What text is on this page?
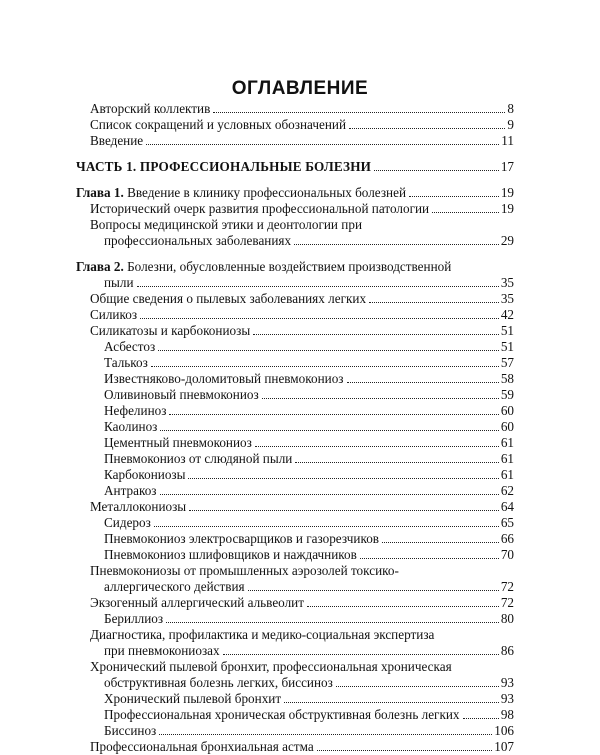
ОГЛАВЛЕНИЕ
Авторский коллектив	8
Список сокращений и условных обозначений	9
Введение	11
ЧАСТЬ 1. ПРОФЕССИОНАЛЬНЫЕ БОЛЕЗНИ	17
Глава 1. Введение в клинику профессиональных болезней	19
Исторический очерк развития профессиональной патологии	19
Вопросы медицинской этики и деонтологии при
профессиональных заболеваниях	29
Глава 2. Болезни, обусловленные воздействием производственной
пыли	35
Общие сведения о пылевых заболеваниях легких	35
Силикоз	42
Силикатозы и карбокониозы	51
Асбестоз	51
Талькоз	57
Известняково-доломитовый пневмокониоз	58
Оливиновый пневмокониоз	59
Нефелиноз	60
Каолиноз	60
Цементный пневмокониоз	61
Пневмокониоз от слюдяной пыли	61
Карбокониозы	61
Антракоз	62
Металлокониозы	64
Сидероз	65
Пневмокониоз электросварщиков и газорезчиков	66
Пневмокониоз шлифовщиков и наждачников	70
Пневмокониозы от промышленных аэрозолей токсико-
аллергического действия	72
Экзогенный аллергический альвеолит	72
Бериллиоз	80
Диагностика, профилактика и медико-социальная экспертиза
при пневмокониозах	86
Хронический пылевой бронхит, профессиональная хроническая
обструктивная болезнь легких, биссиноз	93
Хронический пылевой бронхит	93
Профессиональная хроническая обструктивная болезнь легких	98
Биссиноз	106
Профессиональная бронхиальная астма	107
